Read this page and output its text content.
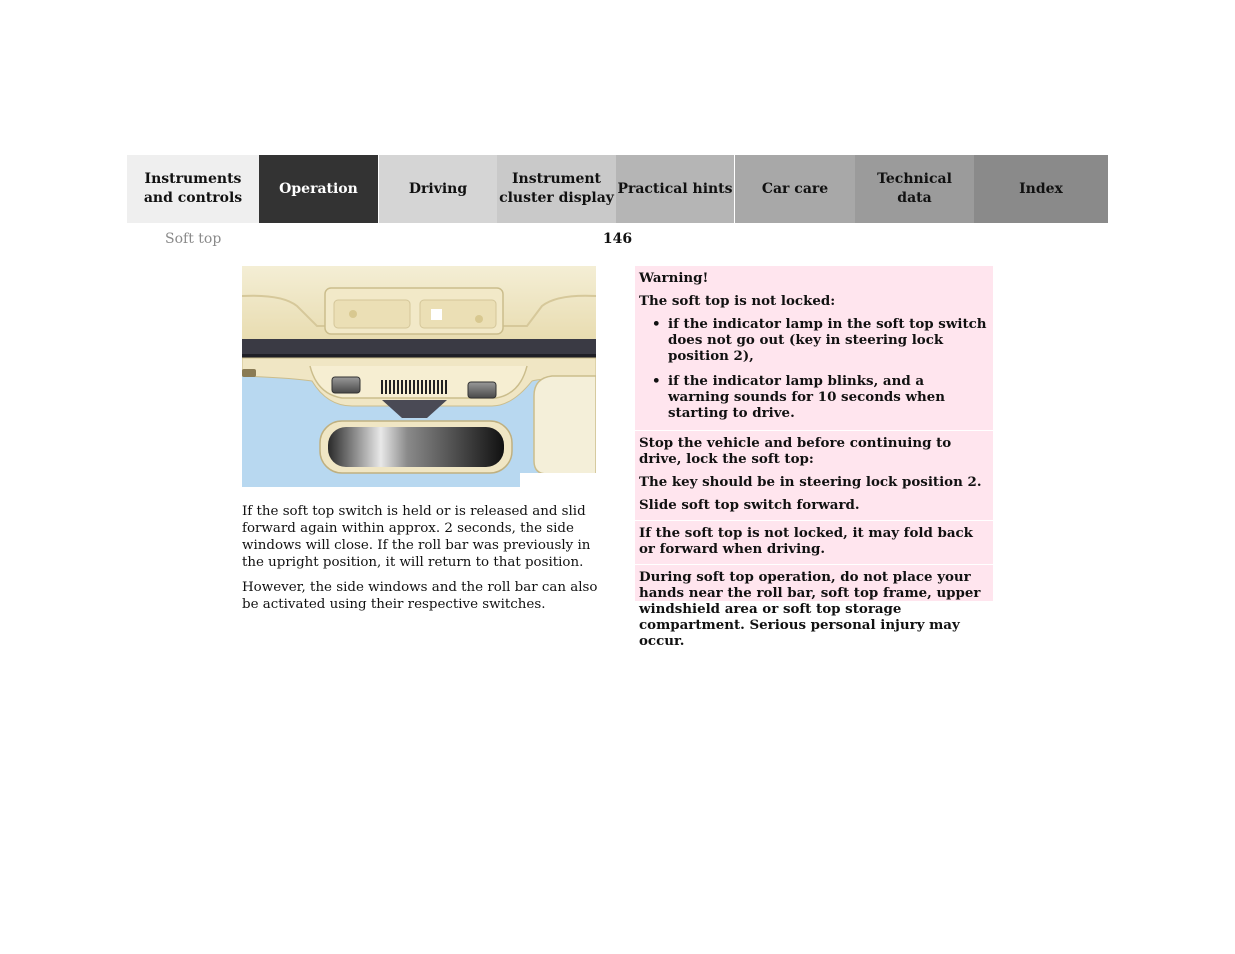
Instruments
and controls
Operation	Driving
Instrument
cluster display
Practical hints Car care
Technical
data
Index
Soft top	146

If the soft top switch is held or is released and slid forward again within approx. 2 seconds, the side windows will close. If the roll bar was previously in the upright position, it will return to that position.

However, the side windows and the roll bar can also be activated using their respective switches.

Warning!

The soft top is not locked:

• if the indicator lamp in the soft top switch does not go out (key in steering lock position 2),
• if the indicator lamp blinks, and a warning sounds for 10 seconds when starting to drive.

Stop the vehicle and before continuing to drive, lock the soft top:

The key should be in steering lock position 2.

Slide soft top switch forward.

If the soft top is not locked, it may fold back or forward when driving.

During soft top operation, do not place your hands near the roll bar, soft top frame, upper windshield area or soft top storage compartment. Serious personal injury may occur.
